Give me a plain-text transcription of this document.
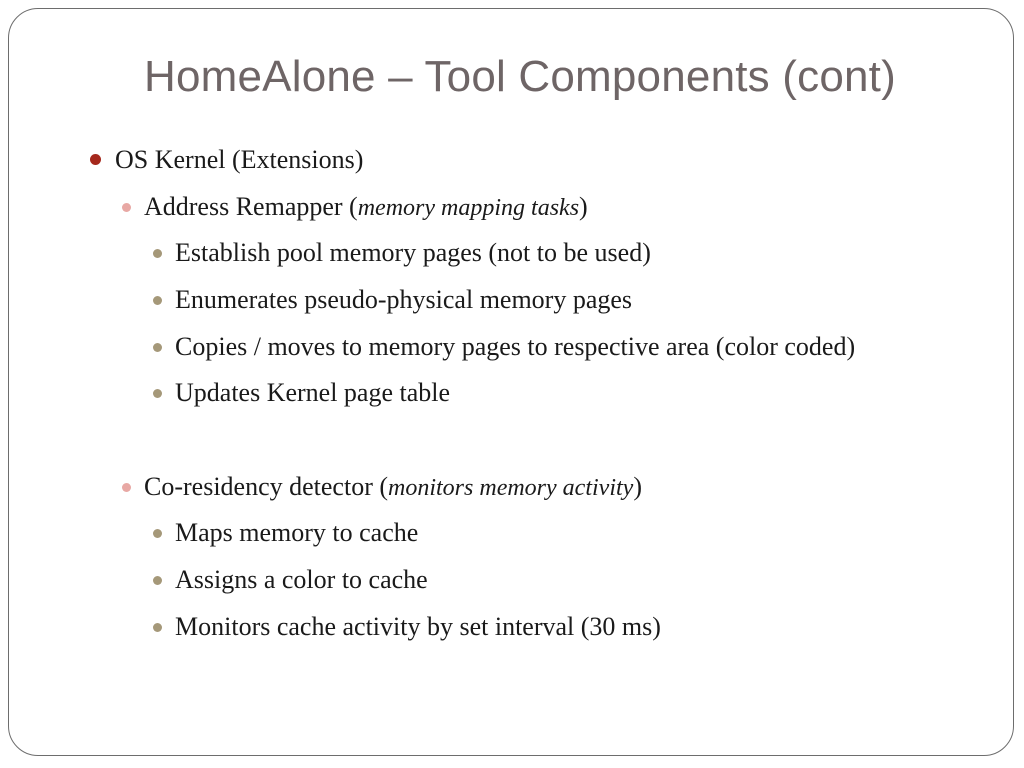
HomeAlone – Tool Components (cont)
OS Kernel (Extensions)
Address Remapper ( memory mapping tasks )
Establish pool memory pages (not to be used)
Enumerates pseudo-physical memory pages
Copies / moves to memory pages to respective area (color coded)
Updates Kernel page table
Co-residency detector ( monitors memory activity )
Maps memory to cache
Assigns a color to cache
Monitors cache activity by set interval (30 ms)
